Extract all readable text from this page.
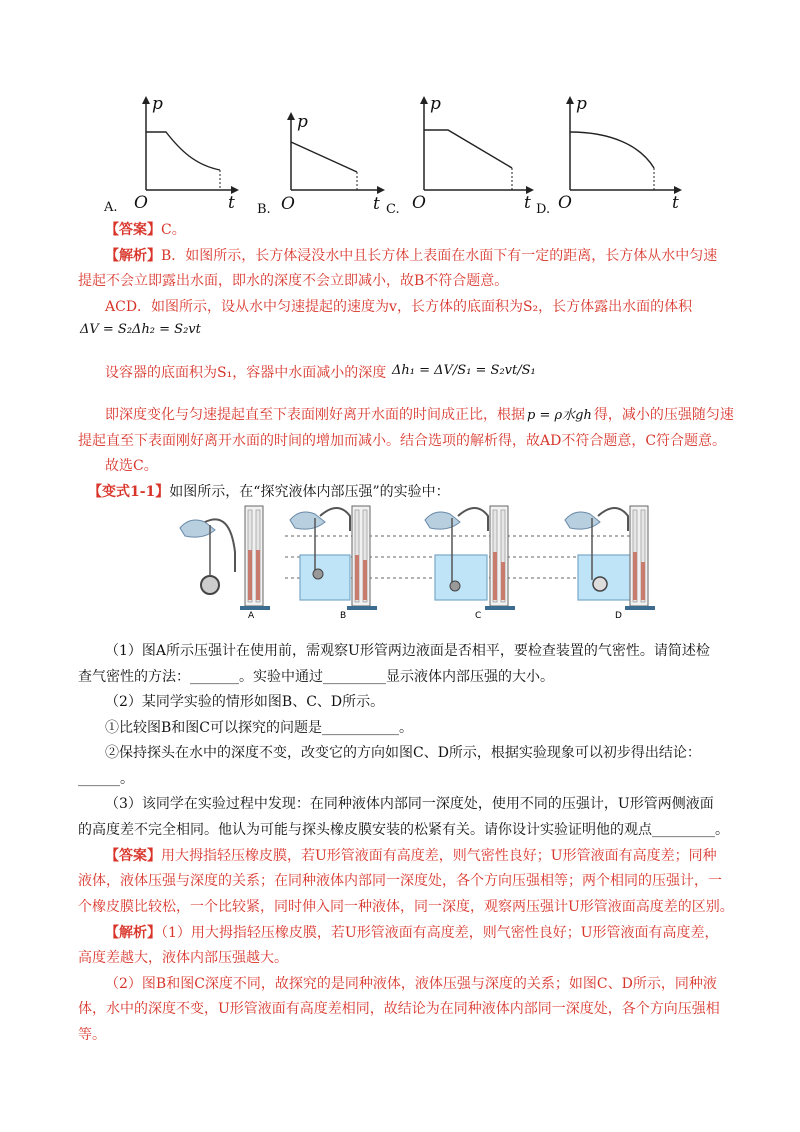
A.
p
O	t B.
p
O	t C.
p
O	t D.
p
O	t
【答案】C。
【解析】B．如图所示，长方体浸没水中且长方体上表面在水面下有一定的距离，长方体从水中匀速
提起不会立即露出水面，即水的深度不会立即减小，故B不符合题意。
ACD．如图所示，设从水中匀速提起的速度为v，长方体的底面积为S₂，长方体露出水面的体积
ΔV = S₂Δh₂ = S₂vt
设容器的底面积为S₁，容器中水面减小的深度 Δh₁ = ΔV/S₁ = S₂vt/S₁
即深度变化与匀速提起直至下表面刚好离开水面的时间成正比，根据 p = ρ水gh 得，减小的压强随匀速
提起直至下表面刚好离开水面的时间的增加而减小。结合选项的解析得，故AD不符合题意，C符合题意。
故选C。
【变式1-1】如图所示，在“探究液体内部压强”的实验中：
A	B	C	D
（1）图A所示压强计在使用前，需观察U形管两边液面是否相平，要检查装置的气密性。请简述检
查气密性的方法：_______。实验中通过_________显示液体内部压强的大小。
（2）某同学实验的情形如图B、C、D所示。
①比较图B和图C可以探究的问题是___________。
②保持探头在水中的深度不变，改变它的方向如图C、D所示，根据实验现象可以初步得出结论：
______。
（3）该同学在实验过程中发现：在同种液体内部同一深度处，使用不同的压强计，U形管两侧液面
的高度差不完全相同。他认为可能与探头橡皮膜安装的松紧有关。请你设计实验证明他的观点_________。
【答案】用大拇指轻压橡皮膜，若U形管液面有高度差，则气密性良好；U形管液面有高度差；同种
液体，液体压强与深度的关系；在同种液体内部同一深度处，各个方向压强相等；两个相同的压强计，一
个橡皮膜比较松，一个比较紧，同时伸入同一种液体，同一深度，观察两压强计U形管液面高度差的区别。
【解析】（1）用大拇指轻压橡皮膜，若U形管液面有高度差，则气密性良好；U形管液面有高度差，
高度差越大，液体内部压强越大。
（2）图B和图C深度不同，故探究的是同种液体，液体压强与深度的关系；如图C、D所示，同种液
体，水中的深度不变，U形管液面有高度差相同，故结论为在同种液体内部同一深度处，各个方向压强相
等。
